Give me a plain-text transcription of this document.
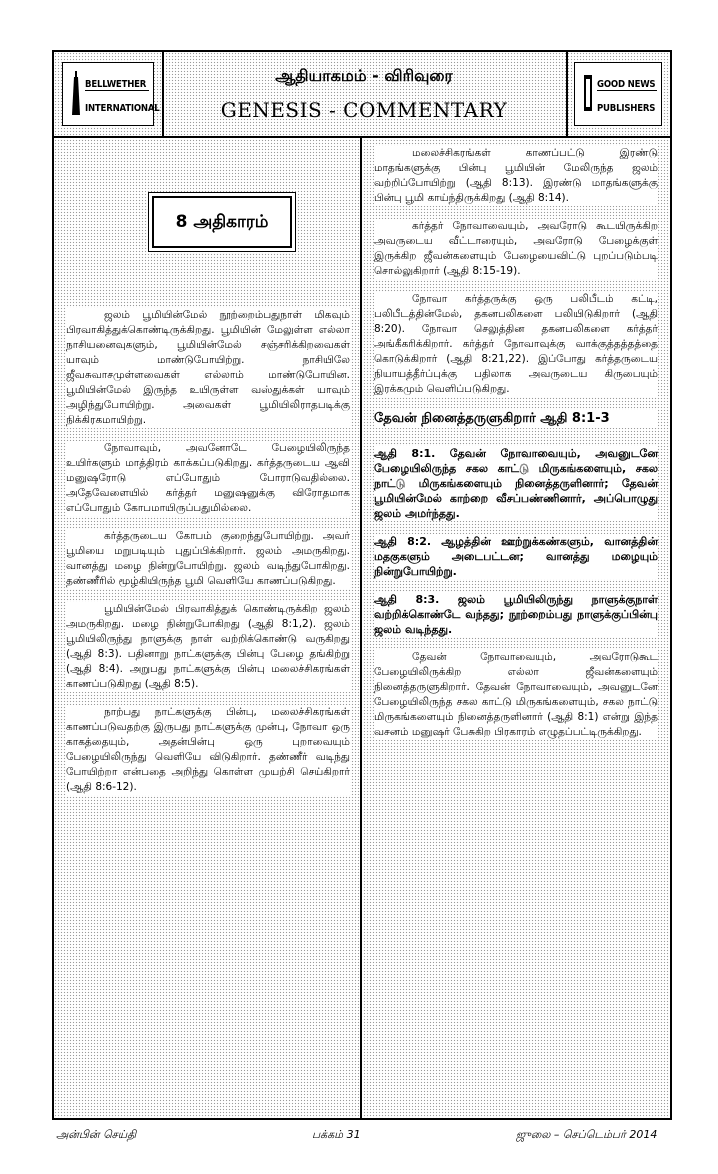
BELLWETHER
INTERNATIONAL
ஆதியாகமம் - விரிவுரை
GENESIS - COMMENTARY
GOOD NEWS
PUBLISHERS
8 அதிகாரம்

ஜலம் பூமியின்மேல் நூற்றைம்பதுநாள் மிகவும் பிரவாகித்துக்கொண்டிருக்கிறது. பூமியின் மேலுள்ள எல்லா நாசியனைவுகளும், பூமியின்மேல் சஞ்சரிக்கிறவைகள் யாவும் மாண்டுபோயிற்று. நாசியிலே ஜீவசுவாசமுள்ளவைகள் எல்லாம் மாண்டுபோயின. பூமியின்மேல் இருந்த உயிருள்ள வஸ்துக்கள் யாவும் அழிந்துபோயிற்று. அவைகள் பூமியிலிராதபடிக்கு நிக்கிரகமாயிற்று.

நோவாவும், அவனோடே பேழையிலிருந்த உயிர்களும் மாத்திரம் காக்கப்படுகிறது. கர்த்தருடைய ஆவி மனுஷரோடு எப்போதும் போராடுவதில்லை. அதேவேளையில் கர்த்தர் மனுஷனுக்கு விரோதமாக எப்போதும் கோபமாயிருப்பதுமில்லை.

கர்த்தருடைய கோபம் குறைந்துபோயிற்று. அவர் பூமியை மறுபடியும் புதுப்பிக்கிறார். ஜலம் அமருகிறது. வானத்து மழை நின்றுபோயிற்று. ஜலம் வடிந்துபோகிறது. தண்ணீரில் மூழ்கியிருந்த பூமி வெளியே காணப்படுகிறது.

பூமியின்மேல் பிரவாகித்துக் கொண்டிருக்கிற ஜலம் அமருகிறது. மழை நின்றுபோகிறது (ஆதி 8:1,2). ஜலம் பூமியிலிருந்து நாளுக்கு நாள் வற்றிக்கொண்டு வருகிறது (ஆதி 8:3). பதினாறு நாட்களுக்கு பின்பு பேழை தங்கிற்று (ஆதி 8:4). அறுபது நாட்களுக்கு பின்பு மலைச்சிகரங்கள் காணப்படுகிறது (ஆதி 8:5).

நாற்பது நாட்களுக்கு பின்பு, மலைச்சிகரங்கள் காணப்படுவதற்கு இருபது நாட்களுக்கு முன்பு, நோவா ஒரு காகத்தையும், அதன்பின்பு ஒரு புறாவையும் பேழையிலிருந்து வெளியே விடுகிறார். தண்ணீர் வடிந்து போயிற்றா என்பதை அறிந்து கொள்ள முயற்சி செய்கிறார் (ஆதி 8:6-12).

மலைச்சிகரங்கள் காணப்பட்டு இரண்டு மாதங்களுக்கு பின்பு பூமியின் மேலிருந்த ஜலம் வற்றிப்போயிற்று (ஆதி 8:13). இரண்டு மாதங்களுக்கு பின்பு பூமி காய்ந்திருக்கிறது (ஆதி 8:14).

கர்த்தர் நோவாவையும், அவரோடு கூடயிருக்கிற அவருடைய வீட்டாரையும், அவரோடு பேழைக்குள் இருக்கிற ஜீவன்களையும் பேழையைவிட்டு புறப்படும்படி சொல்லுகிறார் (ஆதி 8:15-19).

நோவா கர்த்தருக்கு ஒரு பலிபீடம் கட்டி, பலிபீடத்தின்மேல், தகனபலிகளை பலியிடுகிறார் (ஆதி 8:20). நோவா செலுத்தின தகனபலிகளை கர்த்தர் அங்கீகரிக்கிறார். கர்த்தர் நோவாவுக்கு வாக்குத்தத்தத்தை கொடுக்கிறார் (ஆதி 8:21,22). இப்போது கர்த்தருடைய நியாயத்தீர்ப்புக்கு பதிலாக அவருடைய கிருபையும் இரக்கமும் வெளிப்படுகிறது.

தேவன் நினைத்தருளுகிறார் ஆதி 8:1-3

ஆதி 8:1. தேவன் நோவாவையும், அவனுடனே பேழையிலிருந்த சகல காட்டு மிருகங்களையும், சகல நாட்டு மிருகங்களையும் நினைத்தருளினார்; தேவன் பூமியின்மேல் காற்றை வீசப்பண்ணினார், அப்பொழுது ஜலம் அமர்ந்தது.

ஆதி 8:2. ஆழத்தின் ஊற்றுக்கண்களும், வானத்தின் மதகுகளும் அடைபட்டன; வானத்து மழையும் நின்றுபோயிற்று.

ஆதி 8:3. ஜலம் பூமியிலிருந்து நாளுக்குநாள் வற்றிக்கொண்டே வந்தது; நூற்றைம்பது நாளுக்குப்பின்பு ஜலம் வடிந்தது.

தேவன் நோவாவையும், அவரோடுகூட பேழையிலிருக்கிற எல்லா ஜீவன்களையும் நினைத்தருளுகிறார். தேவன் நோவாவையும், அவனுடனே பேழையிலிருந்த சகல காட்டு மிருகங்களையும், சகல நாட்டு மிருகங்களையும் நினைத்தருளினார் (ஆதி 8:1) என்று இந்த வசனம் மனுஷர் பேசுகிற பிரகாரம் எழுதப்பட்டிருக்கிறது.

அன்பின் செய்தி	பக்கம் 31	ஜுலை – செப்டெம்பர் 2014
